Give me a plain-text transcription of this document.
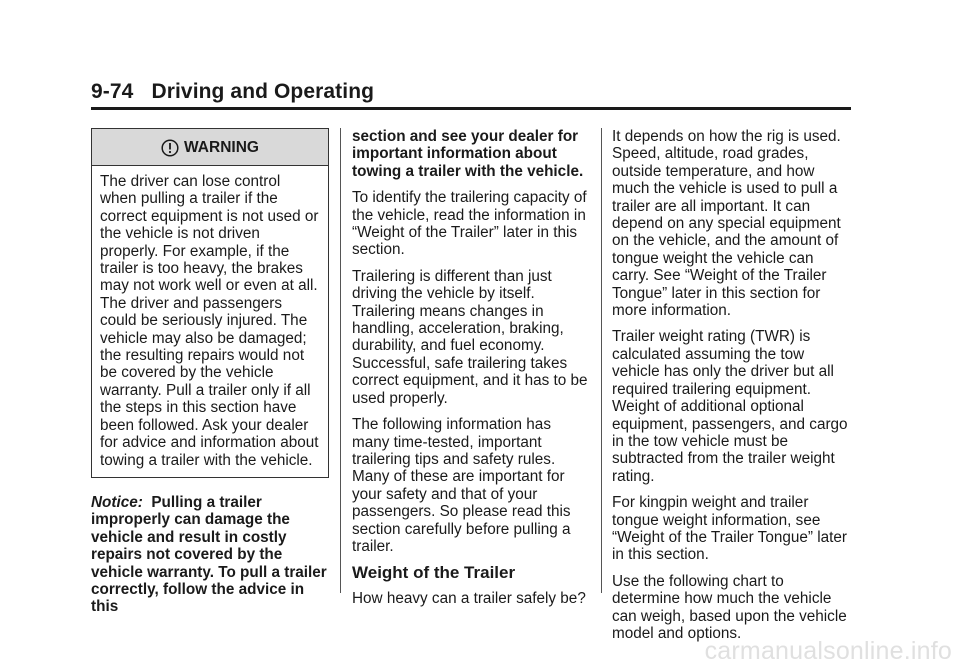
9-74 Driving and Operating
WARNING
The driver can lose control when pulling a trailer if the correct equipment is not used or the vehicle is not driven properly. For example, if the trailer is too heavy, the brakes may not work well or even at all. The driver and passengers could be seriously injured. The vehicle may also be damaged; the resulting repairs would not be covered by the vehicle warranty. Pull a trailer only if all the steps in this section have been followed. Ask your dealer for advice and information about towing a trailer with the vehicle.

Notice: Pulling a trailer improperly can damage the vehicle and result in costly repairs not covered by the vehicle warranty. To pull a trailer correctly, follow the advice in this

section and see your dealer for important information about towing a trailer with the vehicle.

To identify the trailering capacity of the vehicle, read the information in “Weight of the Trailer” later in this section.

Trailering is different than just driving the vehicle by itself. Trailering means changes in handling, acceleration, braking, durability, and fuel economy. Successful, safe trailering takes correct equipment, and it has to be used properly.

The following information has many time-tested, important trailering tips and safety rules. Many of these are important for your safety and that of your passengers. So please read this section carefully before pulling a trailer.

Weight of the Trailer

How heavy can a trailer safely be?

It depends on how the rig is used. Speed, altitude, road grades, outside temperature, and how much the vehicle is used to pull a trailer are all important. It can depend on any special equipment on the vehicle, and the amount of tongue weight the vehicle can carry. See “Weight of the Trailer Tongue” later in this section for more information.

Trailer weight rating (TWR) is calculated assuming the tow vehicle has only the driver but all required trailering equipment. Weight of additional optional equipment, passengers, and cargo in the tow vehicle must be subtracted from the trailer weight rating.

For kingpin weight and trailer tongue weight information, see “Weight of the Trailer Tongue” later in this section.

Use the following chart to determine how much the vehicle can weigh, based upon the vehicle model and options.

carmanualsonline.info
